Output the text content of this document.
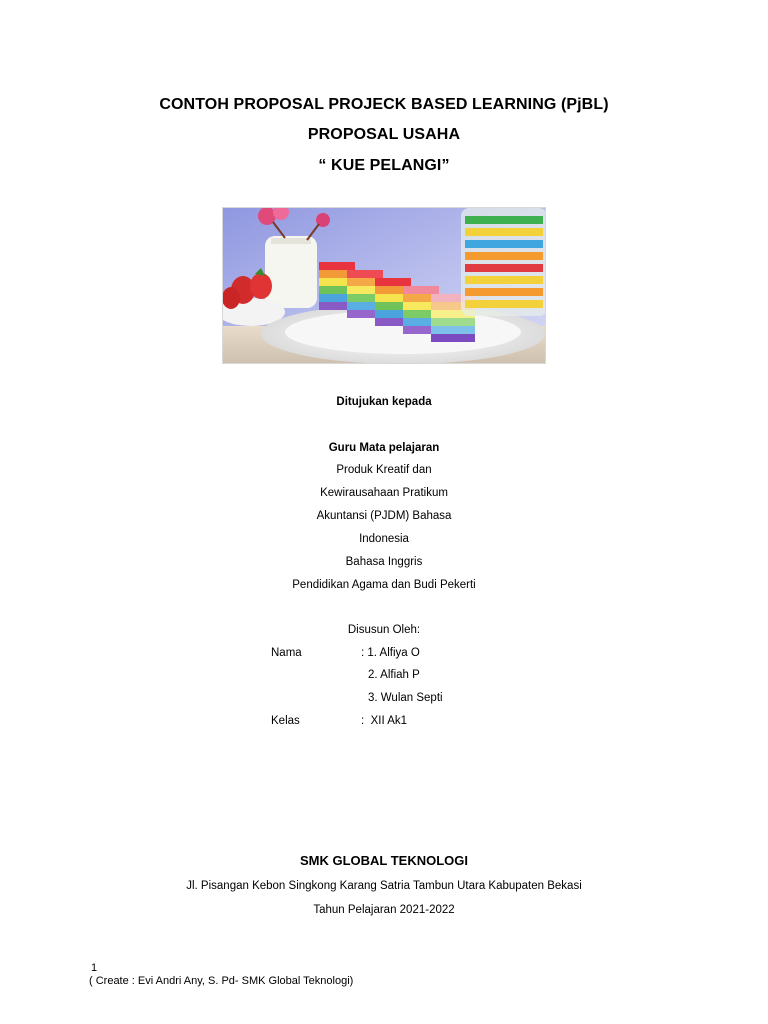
CONTOH PROPOSAL PROJECK BASED LEARNING (PjBL)
PROPOSAL USAHA
“ KUE PELANGI”
Ditujukan kepada
Guru Mata pelajaran
Produk Kreatif dan
Kewirausahaan Pratikum
Akuntansi (PJDM) Bahasa
Indonesia
Bahasa Inggris
Pendidikan Agama dan Budi Pekerti
Disusun Oleh:
Nama	: 1. Alfiya O
2. Alfiah P
3. Wulan Septi
Kelas	:  XII Ak1
SMK GLOBAL TEKNOLOGI
Jl. Pisangan Kebon Singkong Karang Satria Tambun Utara Kabupaten Bekasi
Tahun Pelajaran 2021-2022
1
( Create : Evi Andri Any, S. Pd- SMK Global Teknologi)
